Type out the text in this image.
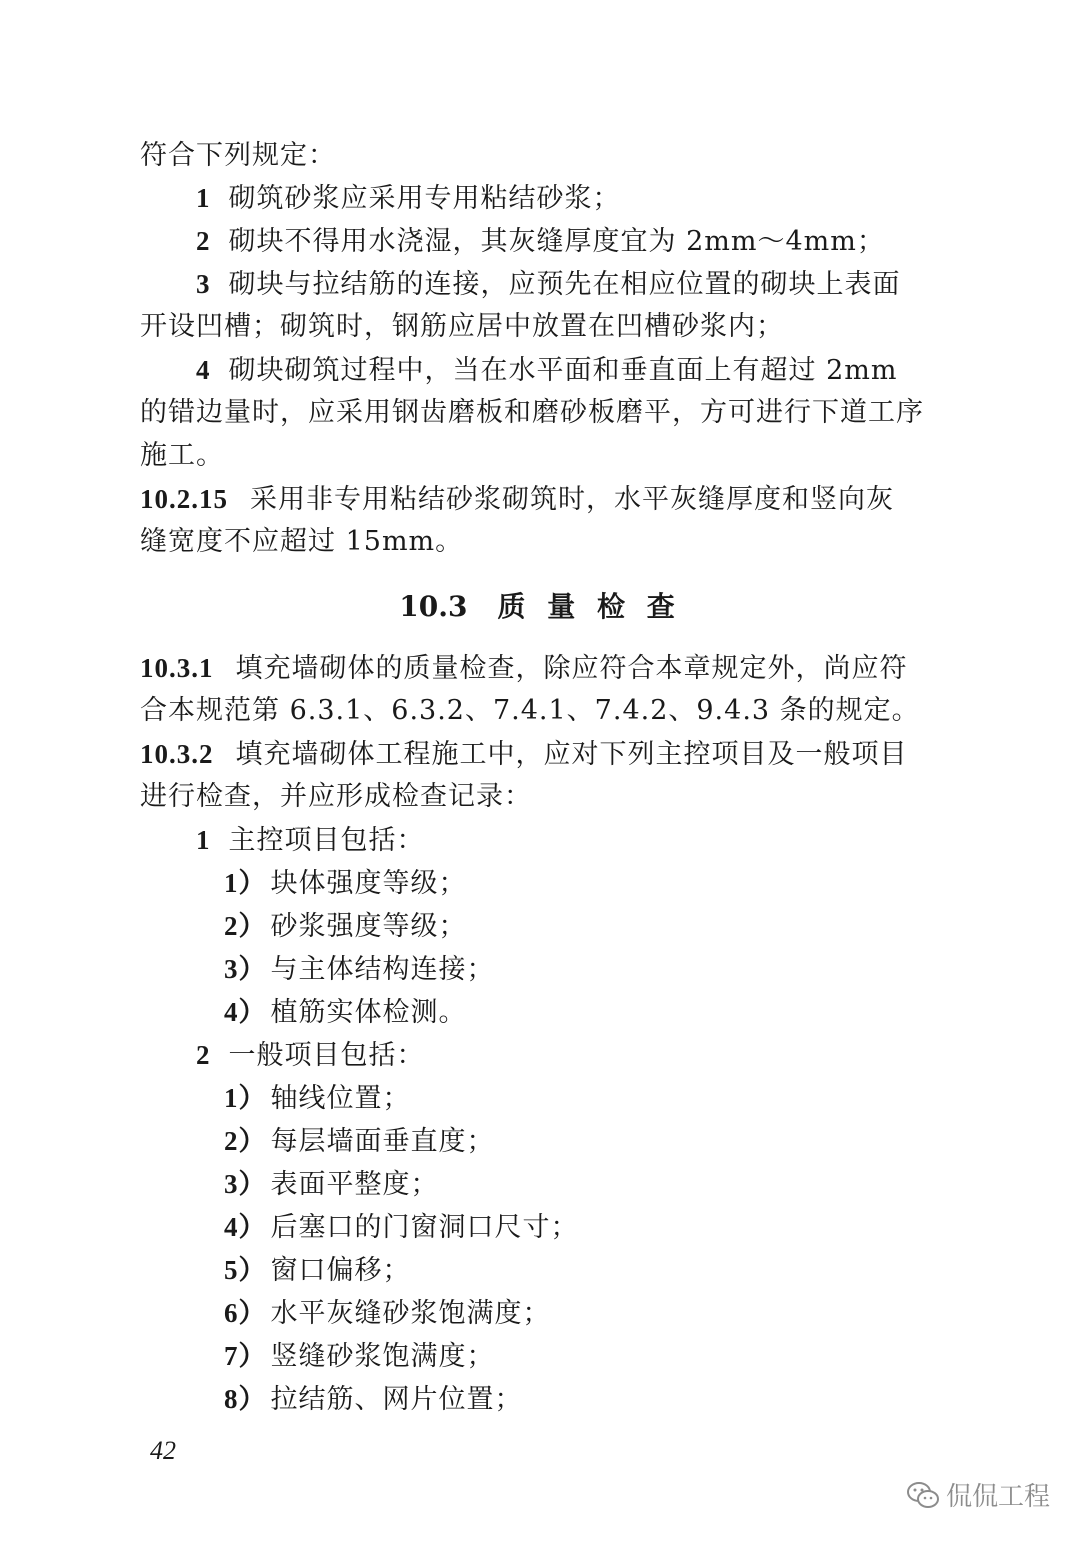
符合下列规定：
1 砌筑砂浆应采用专用粘结砂浆；
2 砌块不得用水浇湿，其灰缝厚度宜为 2mm～4mm；
3 砌块与拉结筋的连接，应预先在相应位置的砌块上表面
开设凹槽；砌筑时，钢筋应居中放置在凹槽砂浆内；
4 砌块砌筑过程中，当在水平面和垂直面上有超过 2mm
的错边量时，应采用钢齿磨板和磨砂板磨平，方可进行下道工序
施工。
10.2.15 采用非专用粘结砂浆砌筑时，水平灰缝厚度和竖向灰
缝宽度不应超过 15mm。
10.3 质 量 检 查
10.3.1 填充墙砌体的质量检查，除应符合本章规定外，尚应符
合本规范第 6.3.1、6.3.2、7.4.1、7.4.2、9.4.3 条的规定。
10.3.2 填充墙砌体工程施工中，应对下列主控项目及一般项目
进行检查，并应形成检查记录：
1 主控项目包括：
1） 块体强度等级；
2） 砂浆强度等级；
3） 与主体结构连接；
4） 植筋实体检测。
2 一般项目包括：
1） 轴线位置；
2） 每层墙面垂直度；
3） 表面平整度；
4） 后塞口的门窗洞口尺寸；
5） 窗口偏移；
6） 水平灰缝砂浆饱满度；
7） 竖缝砂浆饱满度；
8） 拉结筋、网片位置；
42
侃侃工程
